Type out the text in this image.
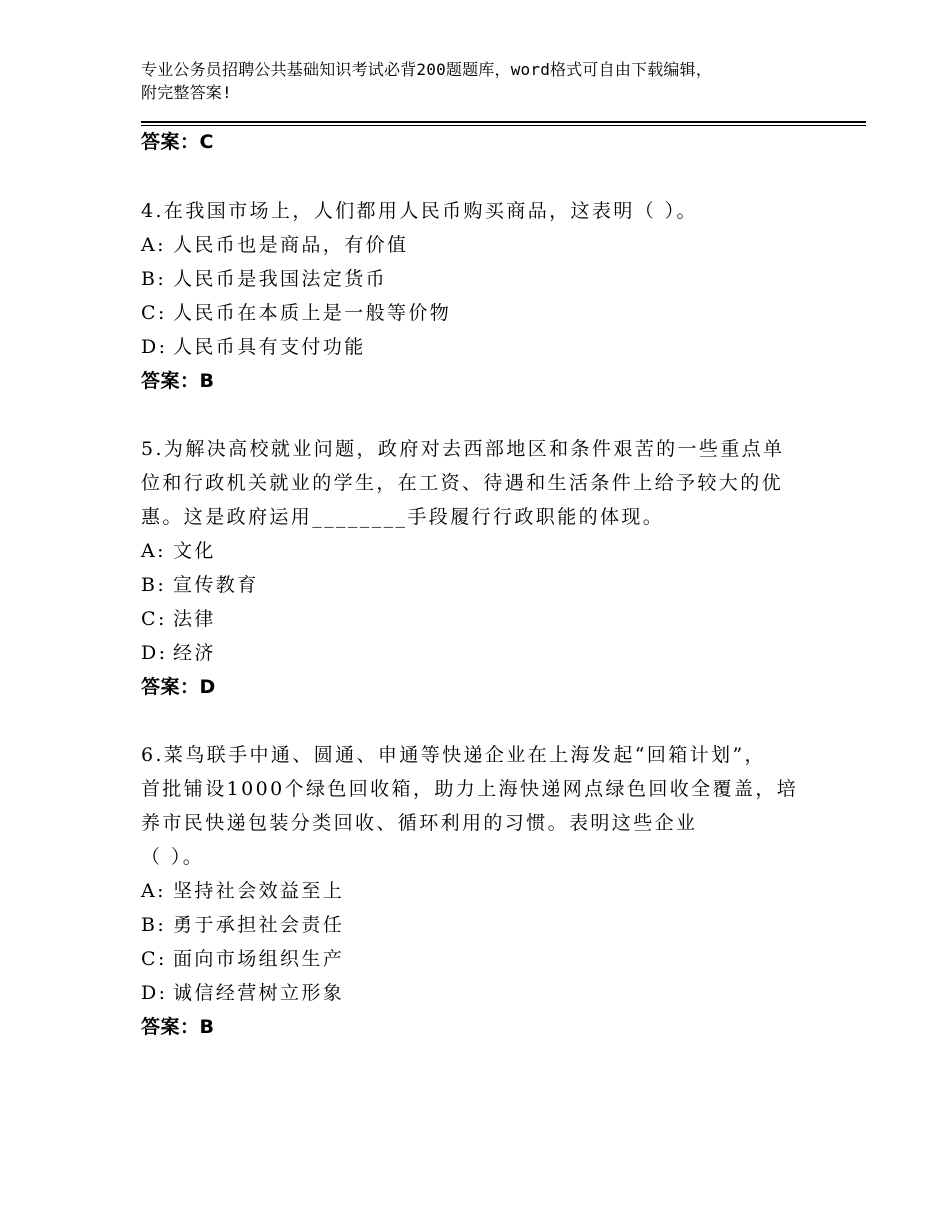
专业公务员招聘公共基础知识考试必背200题题库，word格式可自由下载编辑，
附完整答案!
答案：C
4.在我国市场上，人们都用人民币购买商品，这表明（ ）。
A: 人民币也是商品，有价值
B: 人民币是我国法定货币
C: 人民币在本质上是一般等价物
D: 人民币具有支付功能
答案：B
5.为解决高校就业问题，政府对去西部地区和条件艰苦的一些重点单
位和行政机关就业的学生，在工资、待遇和生活条件上给予较大的优
惠。这是政府运用________手段履行行政职能的体现。
A: 文化
B: 宣传教育
C: 法律
D: 经济
答案：D
6.菜鸟联手中通、圆通、申通等快递企业在上海发起“回箱计划”，
首批铺设1000个绿色回收箱，助力上海快递网点绿色回收全覆盖，培
养市民快递包装分类回收、循环利用的习惯。表明这些企业
（ ）。
A: 坚持社会效益至上
B: 勇于承担社会责任
C: 面向市场组织生产
D: 诚信经营树立形象
答案：B
